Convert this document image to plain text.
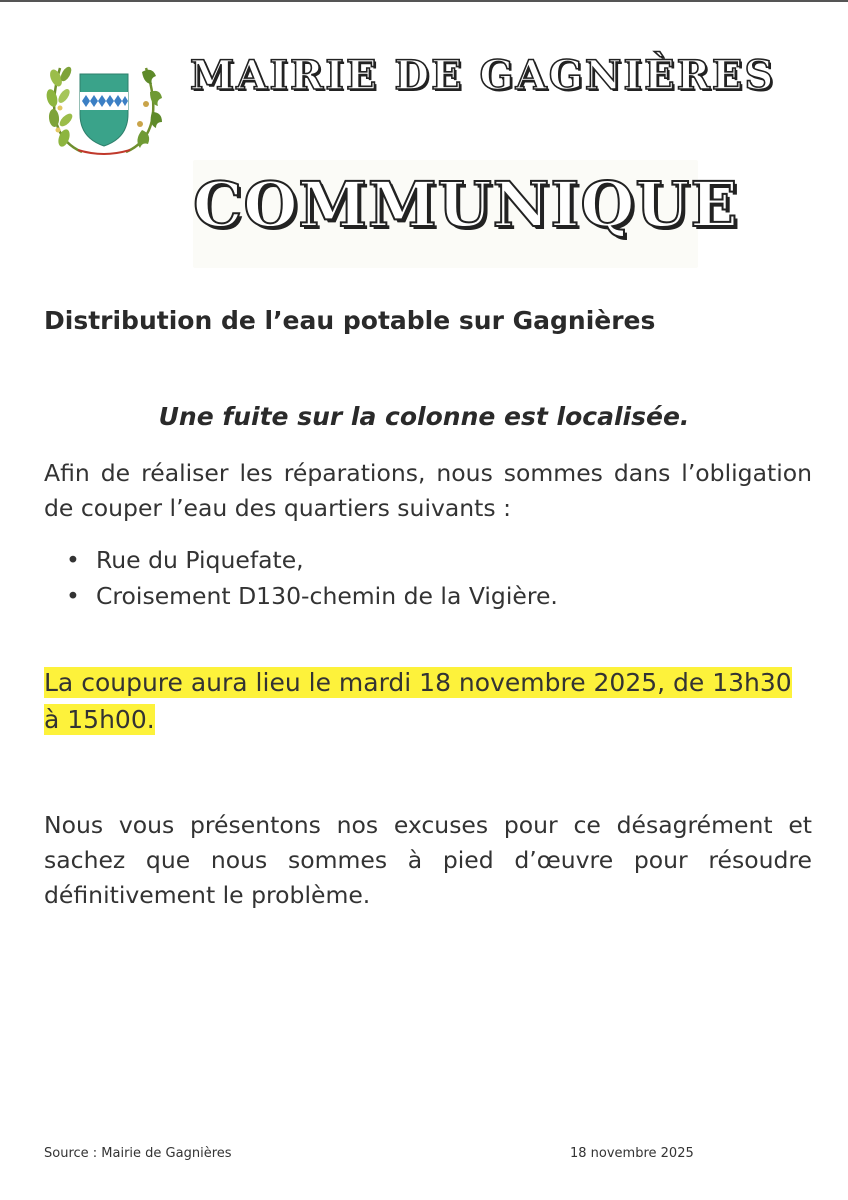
MAIRIE DE GAGNIÈRES
COMMUNIQUE
Distribution de l’eau potable sur Gagnières
Une fuite sur la colonne est localisée.
Afin de réaliser les réparations, nous sommes dans l’obligation de couper l’eau des quartiers suivants :
• Rue du Piquefate,
• Croisement D130-chemin de la Vigière.
La coupure aura lieu le mardi 18 novembre 2025, de 13h30 à 15h00.
Nous vous présentons nos excuses pour ce désagrément et sachez que nous sommes à pied d’œuvre pour résoudre définitivement le problème.
Source : Mairie de Gagnières	18 novembre 2025
